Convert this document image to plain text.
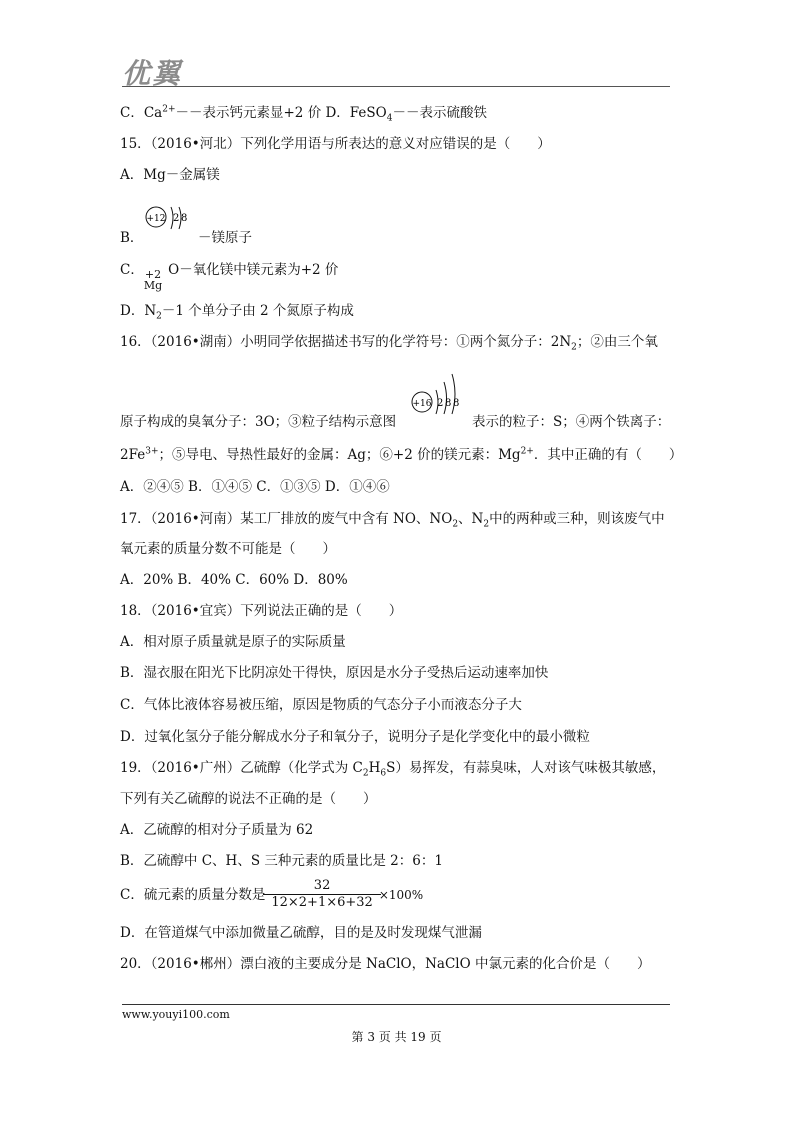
优翼
C．$Ca^{2+}--$表示钙元素显+2 价 D．FeSO$_4$－－表示硫酸铁
15．（2016•河北）下列化学用语与所表达的意义对应错误的是（　　）
A．Mg－金属镁
B．
+12 2 8
－镁原子
C． +2
Mg
O－氧化镁中镁元素为+2 价
D．$N_2-1$ 个单分子由 2 个氮原子构成
16．（2016•湖南）小明同学依据描述书写的化学符号：①两个氮分子：$2N_2$；②由三个氧
原子构成的臭氧分子：3O；③粒子结构示意图
+16 2 8 8
表示的粒子：S；④两个铁离子：
$2Fe^{3+}$；⑤导电、导热性最好的金属：Ag；⑥+2 价的镁元素：$Mg^{2+}$．其中正确的有（　　）
A．②④⑤ B．①④⑤ C．①③⑤ D．①④⑥
17．（2016•河南）某工厂排放的废气中含有 NO、$NO_2$、$N_2$中的两种或三种，则该废气中
氧元素的质量分数不可能是（　　）
A．20% B．40% C．60% D．80%
18．（2016•宜宾）下列说法正确的是（　　）
A．相对原子质量就是原子的实际质量
B．湿衣服在阳光下比阴凉处干得快，原因是水分子受热后运动速率加快
C．气体比液体容易被压缩，原因是物质的气态分子小而液态分子大
D．过氧化氢分子能分解成水分子和氧分子，说明分子是化学变化中的最小微粒
19．（2016•广州）乙硫醇（化学式为 $C_2H_6S$）易挥发，有蒜臭味，人对该气味极其敏感，
下列有关乙硫醇的说法不正确的是（　　）
A．乙硫醇的相对分子质量为 62
B．乙硫醇中 C、H、S 三种元素的质量比是 2：6：1
C．硫元素的质量分数是 $\frac{32}{12\times 2+1\times 6+32} \times 100\%$
D．在管道煤气中添加微量乙硫醇，目的是及时发现煤气泄漏
20．（2016•郴州）漂白液的主要成分是 NaClO，NaClO 中氯元素的化合价是（　　）
www.youyi100.com
第 3 页 共 19 页
